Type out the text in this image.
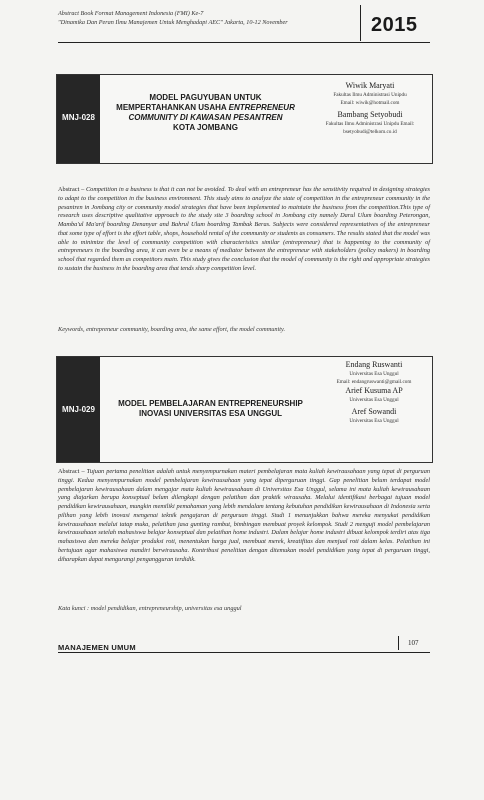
Abstract Book Format Management Indonesia (FMI) Ke-7
"Dinamika Dan Peran Ilmu Manajemen Untuk Menghadapi AEC" Jakarta, 10-12 November	2015
MNJ-028
MODEL PAGUYUBAN UNTUK
MEMPERTAHANKAN USAHA ENTREPRENEUR
COMMUNITY DI KAWASAN PESANTREN
KOTA JOMBANG
Wiwik Maryati
Fakultas Ilmu Administrasi Unipdu
Email: wiwik@hotmail.com
Bambang Setyobudi
Fakultas Ilmu Administrasi Unipdu Email:
bsetyobudi@telkom.co.id
Abstract – Competition in a business is that it can not be avoided. To deal with an entrepreneur has the sensitivity required in designing strategies to adapt to the competition in the business environment. This study aims to analyze the state of competition in the entrepreneur community in the pesantren in Jombang city or community model strategies that have been implemented to maintain the business from the competition.This type of research uses descriptive qualitative approach to the study site 3 boarding school in Jombang city namely Darul Ulum boarding Peterongan, Mamba'ul Ma'arif boarding Denanyar and Bahrul Ulum boarding Tambak Beras. Subjects were considered representatives of the entrepreneur that some type of effort is the effort table, shops, household rental of the community or students as consumers. The results stated that the model was able to minimize the level of community competition with characteristics similar (entrepreneur) that is happening to the community of entrepreneurs in the boarding area, it can even be a means of mediator between the entrepreneur with stakeholders (policy makers) in boarding school that regarded them as competitors main. This study gives the conclusion that the model of community is the right and appropriate strategies to sustain the business in the boarding area that tends sharp competition level.
Keywords, entrepreneur community, boarding area, the same effort, the model community.
MNJ-029
MODEL PEMBELAJARAN ENTREPRENEURSHIP
INOVASI UNIVERSITAS ESA UNGGUL
Endang Ruswanti
Universitas Esa Unggul
Email: endangruswanti@gmail.com
Arief Kusuma AP
Universitas Esa Unggul
Aref Sowandi
Universitas Esa Unggul
Abstract – Tujuan pertama penelitian adalah untuk menyempurnakan materi pembelajaran mata kuliah kewirausahaan yang tepat di perguruan tinggi. Kedua menyempurnakan model pembelajaran kewirausahaan yang tepat diperguruan tinggi. Gap penelitian belum terdapat model pembelajaran kewirausahaan dalam mengajar mata kuliah kewirausahaan di Universitas Esa Unggul, selama ini mata kuliah kewirausahaan yang diajarkan berupa konseptual belum dilengkapi dengan pelatihan dan praktik wirausaha. Melalui identifikasi berbagai tujuan model pendidikan kewirausahaan, mungkin memiliki pemahaman yang lebih mendalam tentang kebutuhan pendidikan kewirausahaan di Indonesia serta pilihan yang lebih inovasi mengenai teknik pengajaran di perguruan tinggi. Studi 1 menunjukkan bahwa mereka menyukai pendidikan kewirausahaan melalui tatap muka, pelatihan jasa gunting rambut, bimbingan membuat proyek kelompok. Studi 2 menguji model pembelajaran kewirausahaan setelah mahasiswa belajar konseptual dan pelatihan home industri. Dalam belajar home industri dibuat kelompok terdiri atas tiga mahasiswa dan mereka belajar produksi roti, menentukan harga jual, membuat merek, kreatifitas dan menjual roti dalam kelas. Pelatihan ini bertujuan agar mahasiswa mandiri berwirausaha. Kontribusi penelitian dengan ditemukan model pendidikan yang tepat di perguruan tinggi, diharapkan dapat mengurangi pengangguran terdidik.
Kata kunci : model pendidikan, entrepreneurship, universitas esa unggul
MANAJEMEN UMUM	107
